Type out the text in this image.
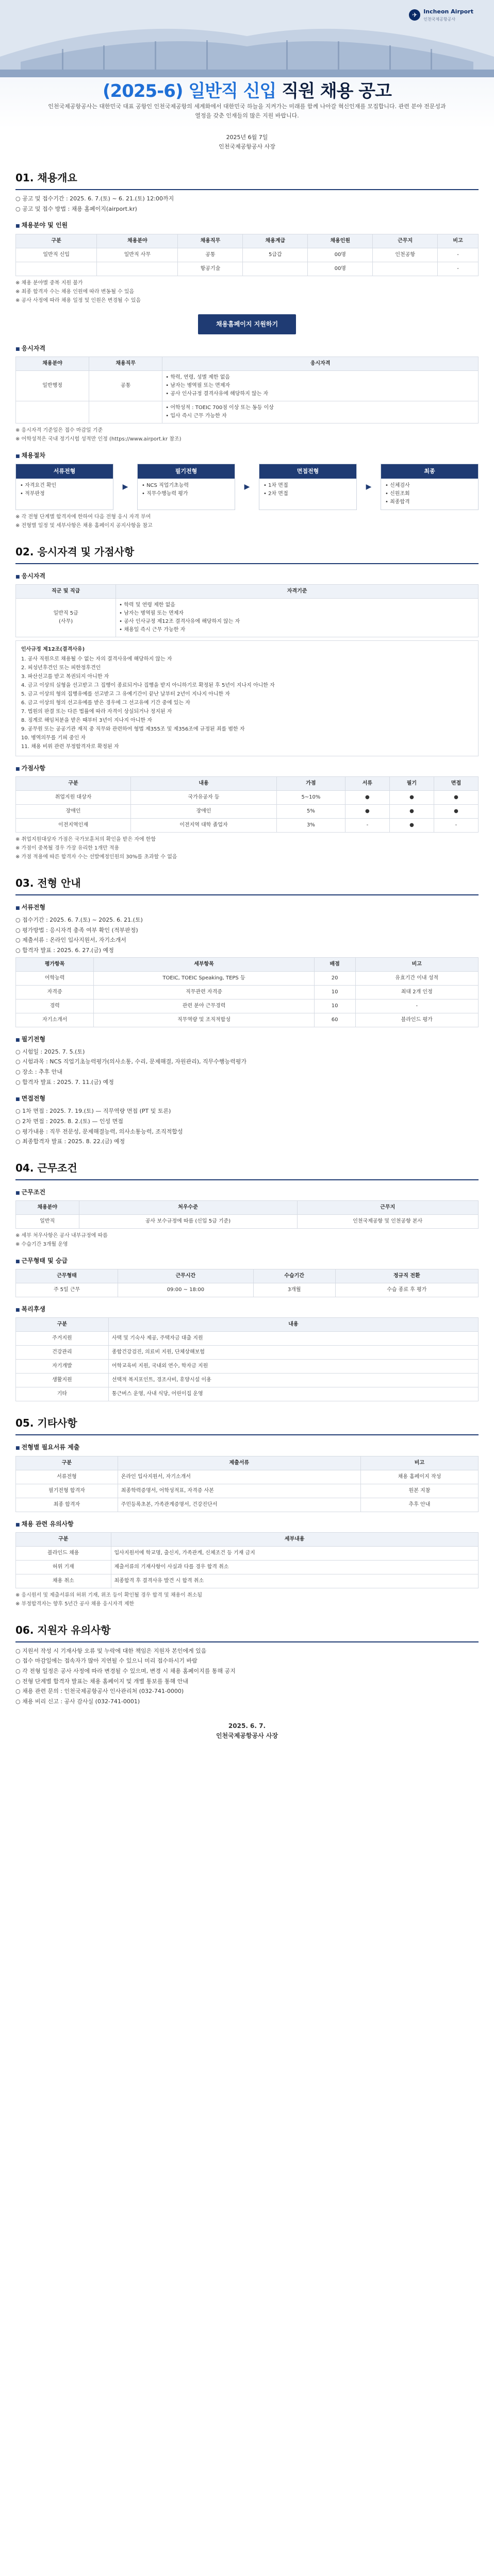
✈	Incheon Airport
인천국제공항공사
(2025-6) 일반직 신입 직원 채용 공고
인천국제공항공사는 대한민국 대표 공항인 인천국제공항의 세계화에서 대한민국 하늘을 지켜가는 미래를 함께 나아갈 혁신인재를 모집합니다. 관련 분야 전문성과 열정을 갖춘 인재들의 많은 지원 바랍니다.
2025년 6월 7일
인천국제공항공사 사장
01. 채용개요

○ 공고 및 접수기간 : 2025. 6. 7.(토) ~ 6. 21.(토) 12:00까지

○ 공고 및 접수 방법 : 채용 홈페이지(airport.kr)

■ 채용분야 및 인원
구분	채용분야	채용직무	채용계급	채용인원	근무지	비고
일반직 신입	일반직 사무	공통	5급갑	00명	인천공항	-
		항공기술		00명		-

※ 채용 분야별 중복 지원 불가

※ 최종 합격자 수는 채용 인원에 따라 변동될 수 있음

※ 공사 사정에 따라 채용 일정 및 인원은 변경될 수 있음

채용홈페이지 지원하기
■ 응시자격
채용분야	채용직무	응시자격
일반행정	공통	• 학력, 연령, 성별 제한 없음
• 남자는 병역필 또는 면제자
• 공사 인사규정 결격사유에 해당하지 않는 자
		• 어학성적 : TOEIC 700점 이상 또는 동등 이상
• 입사 즉시 근무 가능한 자

※ 응시자격 기준일은 접수 마감일 기준

※ 어학성적은 국내 정기시험 성적만 인정 (https://www.airport.kr 참조)

■ 채용절차
서류전형
• 자격요건 확인
• 적부판정
▶
필기전형
• NCS 직업기초능력
• 직무수행능력 평가
▶
면접전형
• 1차 면접
• 2차 면접
▶
최종
• 신체검사
• 신원조회
• 최종합격

※ 각 전형 단계별 합격자에 한하여 다음 전형 응시 자격 부여

※ 전형별 일정 및 세부사항은 채용 홈페이지 공지사항을 참고

02. 응시자격 및 가점사항
■ 응시자격
직군 및 직급	자격기준
일반직 5급
(사무)	• 학력 및 연령 제한 없음
• 남자는 병역필 또는 면제자
• 공사 인사규정 제12조 결격사유에 해당하지 않는 자
• 채용일 즉시 근무 가능한 자

인사규정 제12조(결격사유)

1. 공사 직원으로 채용될 수 없는 자의 결격사유에 해당하지 않는 자

2. 피성년후견인 또는 피한정후견인

3. 파산선고를 받고 복권되지 아니한 자

4. 금고 이상의 실형을 선고받고 그 집행이 종료되거나 집행을 받지 아니하기로 확정된 후 5년이 지나지 아니한 자

5. 금고 이상의 형의 집행유예를 선고받고 그 유예기간이 끝난 날부터 2년이 지나지 아니한 자

6. 금고 이상의 형의 선고유예를 받은 경우에 그 선고유예 기간 중에 있는 자

7. 법원의 판결 또는 다른 법률에 따라 자격이 상실되거나 정지된 자

8. 징계로 해임처분을 받은 때부터 3년이 지나지 아니한 자

9. 공무원 또는 공공기관 재직 중 직무와 관련하여 형법 제355조 및 제356조에 규정된 죄를 범한 자

10. 병역의무를 기피 중인 자

11. 채용 비위 관련 부정합격자로 확정된 자

■ 가점사항
구분	내용	가점	서류	필기	면접
취업지원 대상자	국가유공자 등	5~10%	●	●	●
장애인	장애인	5%	●	●	●
이전지역인재	이전지역 대학 졸업자	3%	-	●	-

※ 취업지원대상자 가점은 국가보훈처의 확인을 받은 자에 한함

※ 가점이 중복될 경우 가장 유리한 1개만 적용

※ 가점 적용에 따른 합격자 수는 선발예정인원의 30%를 초과할 수 없음

03. 전형 안내
■ 서류전형

○ 접수기간 : 2025. 6. 7.(토) ~ 2025. 6. 21.(토)

○ 평가방법 : 응시자격 충족 여부 확인 (적부판정)

○ 제출서류 : 온라인 입사지원서, 자기소개서

○ 합격자 발표 : 2025. 6. 27.(금) 예정

평가항목	세부항목	배점	비고
어학능력	TOEIC, TOEIC Speaking, TEPS 등	20	유효기간 이내 성적
자격증	직무관련 자격증	10	최대 2개 인정
경력	관련 분야 근무경력	10	-
자기소개서	직무역량 및 조직적합성	60	블라인드 평가
■ 필기전형

○ 시험일 : 2025. 7. 5.(토)

○ 시험과목 : NCS 직업기초능력평가(의사소통, 수리, 문제해결, 자원관리), 직무수행능력평가

○ 장소 : 추후 안내

○ 합격자 발표 : 2025. 7. 11.(금) 예정

■ 면접전형

○ 1차 면접 : 2025. 7. 19.(토) — 직무역량 면접 (PT 및 토론)

○ 2차 면접 : 2025. 8. 2.(토) — 인성 면접

○ 평가내용 : 직무 전문성, 문제해결능력, 의사소통능력, 조직적합성

○ 최종합격자 발표 : 2025. 8. 22.(금) 예정

04. 근무조건
■ 근무조건
채용분야	처우수준	근무지
일반직	공사 보수규정에 따름 (신입 5급 기준)	인천국제공항 및 인천공항 본사

※ 세부 처우사항은 공사 내부규정에 따름

※ 수습기간 3개월 운영

■ 근무형태 및 승급
근무형태	근무시간	수습기간	정규직 전환
주 5일 근무	09:00 ~ 18:00	3개월	수습 종료 후 평가
■ 복리후생
구분	내용
주거지원	사택 및 기숙사 제공, 주택자금 대출 지원
건강관리	종합건강검진, 의료비 지원, 단체상해보험
자기개발	어학교육비 지원, 국내외 연수, 학자금 지원
생활지원	선택적 복지포인트, 경조사비, 휴양시설 이용
기타	통근버스 운영, 사내 식당, 어린이집 운영
05. 기타사항
■ 전형별 필요서류 제출
구분	제출서류	비고
서류전형	온라인 입사지원서, 자기소개서	채용 홈페이지 작성
필기전형 합격자	최종학력증명서, 어학성적표, 자격증 사본	원본 지참
최종 합격자	주민등록초본, 가족관계증명서, 건강진단서	추후 안내
■ 채용 관련 유의사항
구분	세부내용
블라인드 채용	입사지원서에 학교명, 출신지, 가족관계, 신체조건 등 기재 금지
허위 기재	제출서류의 기재사항이 사실과 다를 경우 합격 취소
채용 취소	최종합격 후 결격사유 발견 시 합격 취소

※ 응시원서 및 제출서류의 허위 기재, 위조 등이 확인될 경우 합격 및 채용이 취소됨

※ 부정합격자는 향후 5년간 공사 채용 응시자격 제한

06. 지원자 유의사항

○ 지원서 작성 시 기재사항 오류 및 누락에 대한 책임은 지원자 본인에게 있음

○ 접수 마감일에는 접속자가 많아 지연될 수 있으니 미리 접수하시기 바람

○ 각 전형 일정은 공사 사정에 따라 변경될 수 있으며, 변경 시 채용 홈페이지를 통해 공지

○ 전형 단계별 합격자 발표는 채용 홈페이지 및 개별 통보를 통해 안내

○ 채용 관련 문의 : 인천국제공항공사 인사관리처 (032-741-0000)

○ 채용 비리 신고 : 공사 감사실 (032-741-0001)

2025. 6. 7.
인천국제공항공사 사장
